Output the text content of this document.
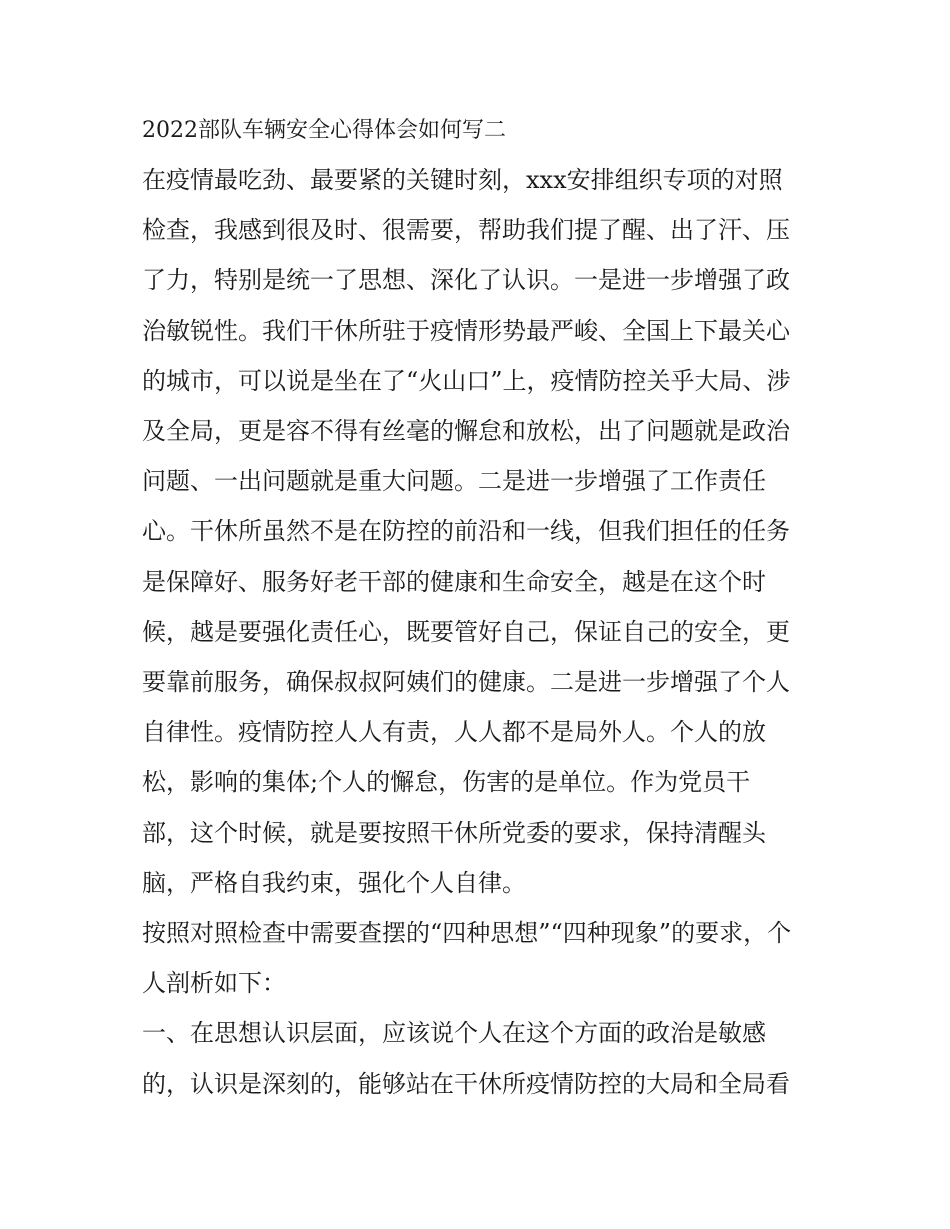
2022部队车辆安全心得体会如何写二

在疫情最吃劲、最要紧的关键时刻，xxx安排组织专项的对照

检查，我感到很及时、很需要，帮助我们提了醒、出了汗、压

了力，特别是统一了思想、深化了认识。一是进一步增强了政

治敏锐性。我们干休所驻于疫情形势最严峻、全国上下最关心

的城市，可以说是坐在了“火山口”上，疫情防控关乎大局、涉

及全局，更是容不得有丝毫的懈怠和放松，出了问题就是政治

问题、一出问题就是重大问题。二是进一步增强了工作责任

心。干休所虽然不是在防控的前沿和一线，但我们担任的任务

是保障好、服务好老干部的健康和生命安全，越是在这个时

候，越是要强化责任心，既要管好自己，保证自己的安全，更

要靠前服务，确保叔叔阿姨们的健康。二是进一步增强了个人

自律性。疫情防控人人有责，人人都不是局外人。个人的放

松，影响的集体;个人的懈怠，伤害的是单位。作为党员干

部，这个时候，就是要按照干休所党委的要求，保持清醒头

脑，严格自我约束，强化个人自律。

按照对照检查中需要查摆的“四种思想”“四种现象”的要求，个

人剖析如下：

一、在思想认识层面，应该说个人在这个方面的政治是敏感

的，认识是深刻的，能够站在干休所疫情防控的大局和全局看
